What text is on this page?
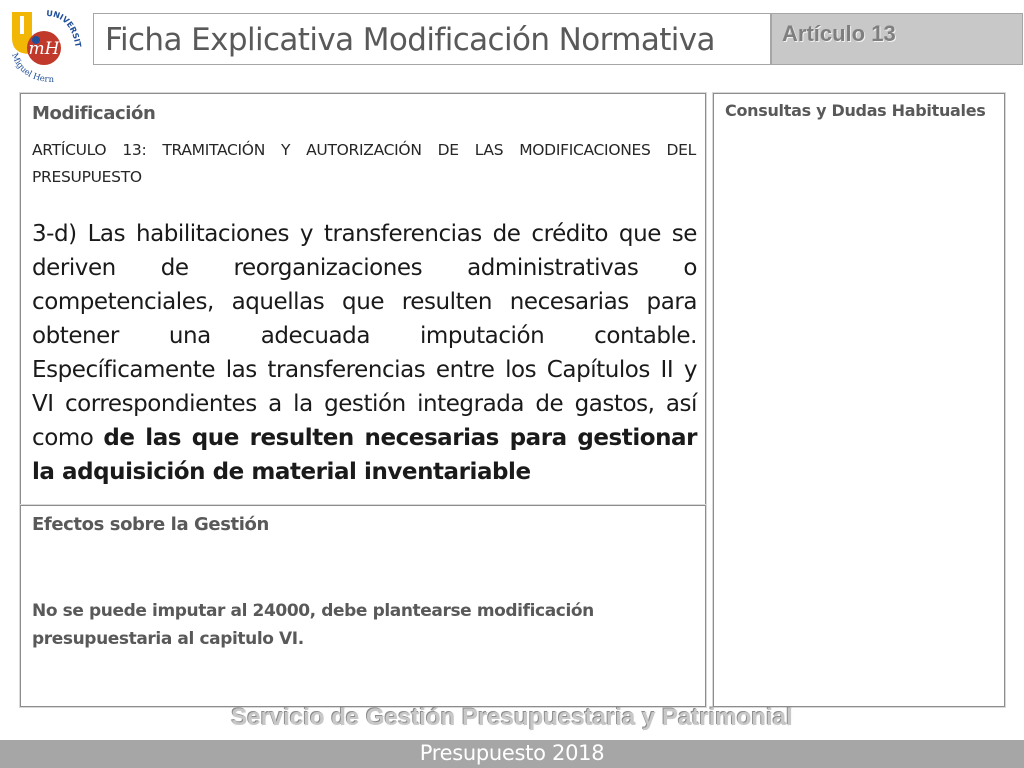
mH
UNIVERSIT
Miguel Hern
Ficha Explicativa Modificación Normativa	Artículo 13
Modificación
ARTÍCULO 13: TRAMITACIÓN Y AUTORIZACIÓN DE LAS MODIFICACIONES DEL PRESUPUESTO
3-d) Las habilitaciones y transferencias de crédito que se deriven de reorganizaciones administrativas o competenciales, aquellas que resulten necesarias para obtener una adecuada imputación contable. Específicamente las transferencias entre los Capítulos II y VI correspondientes a la gestión integrada de gastos, así como de las que resulten necesarias para gestionar la adquisición de material inventariable
Efectos sobre la Gestión
No se puede imputar al 24000, debe plantearse modificación presupuestaria al capitulo VI.
Consultas y Dudas Habituales
Servicio de Gestión Presupuestaria y Patrimonial
Presupuesto 2018
